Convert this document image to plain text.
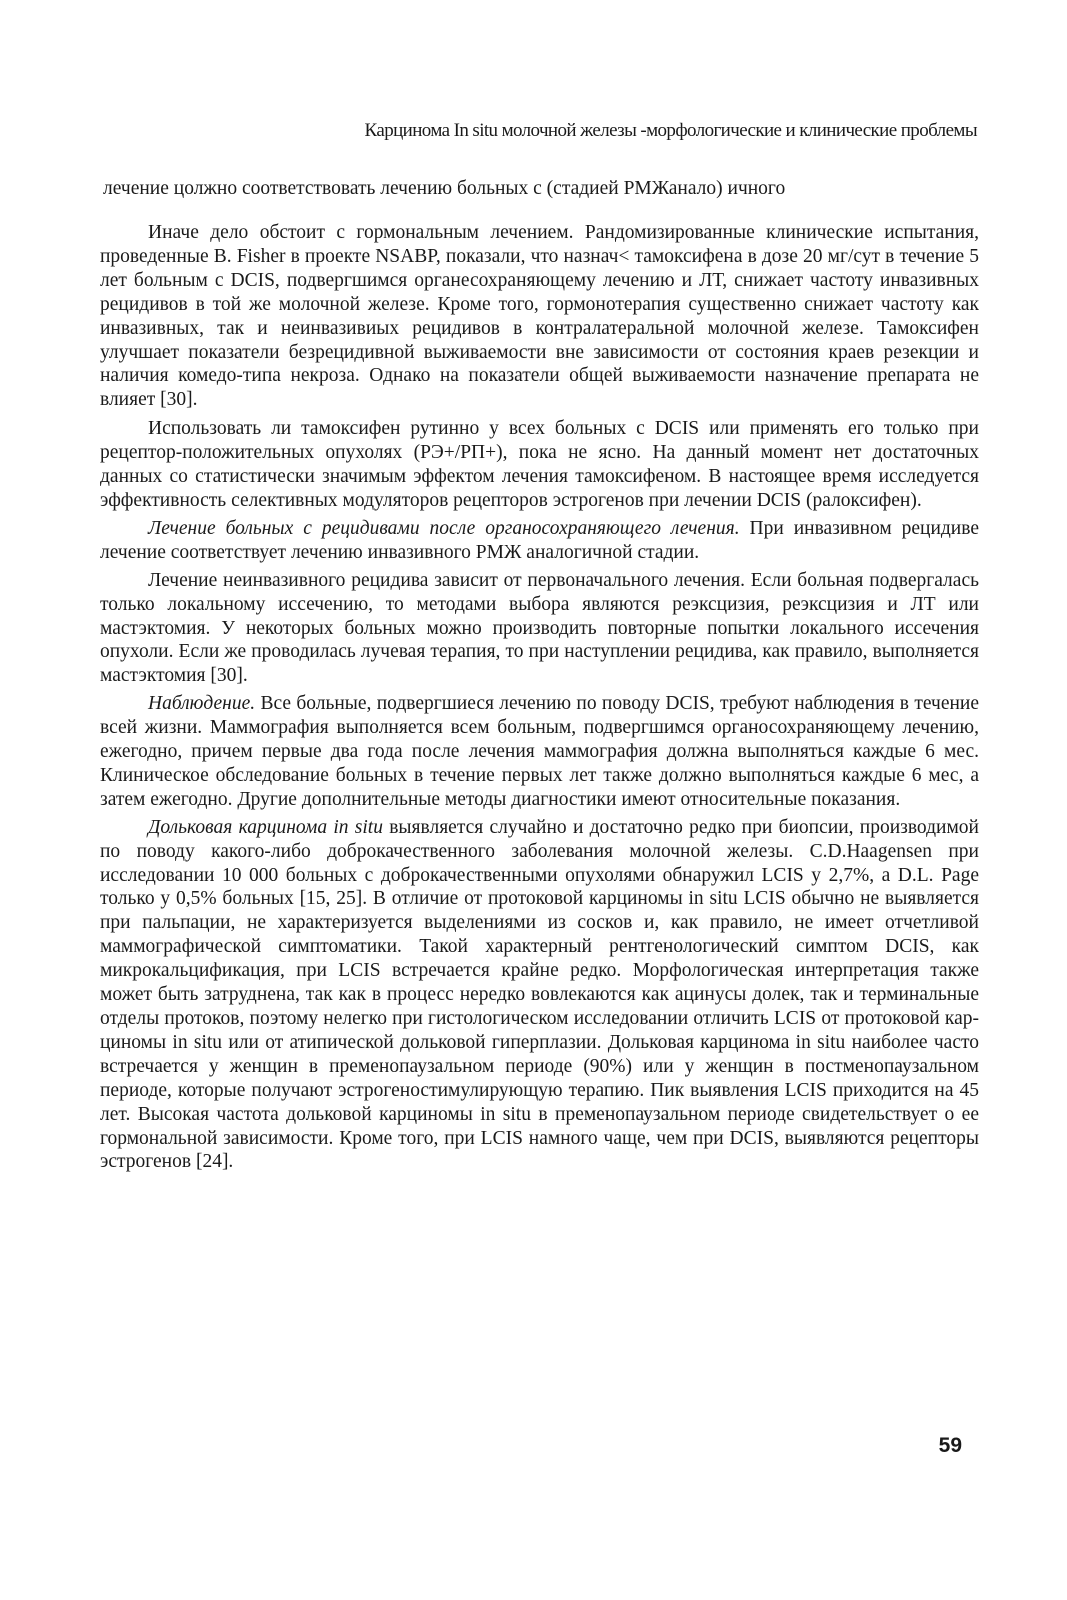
Карцинома In situ молочной железы -морфологические и клинические проблемы
лечение цолжно соответствовать лечению больных с (стадией РМЖанало) ичного

Иначе дело обстоит с гормональным лечением. Рандомизированные клинические испытания, проведенные B. Fisher в проекте NSABP, показали, что назнач< тамоксифена в дозе 20 мг/сут в течение 5 лет больным с DCIS, подвергшимся органесохраняющему лечению и ЛТ, снижает частоту инвазивных рецидивов в той же молочной железе. Кроме того, гормонотерапия существенно снижает частоту как инвазивных, так и неинвазивиых рецидивов в контралатеральной молочной железе. Тамоксифен улучшает показатели безрецидивной выживаемости вне зависимости от состояния краев резекции и наличия комедо-типа некроза. Однако на показатели общей выживаемости назначение препарата не влияет [30].

Использовать ли тамоксифен рутинно у всех больных с DCIS или применять его только при рецептор-положительных опухолях (РЭ+/РП+), пока не ясно. На данный момент нет достаточных данных со статистически значимым эффектом лечения тамоксифеном. В настоящее время исследуется эффективность селективных модуляторов рецепторов эстрогенов при лечении DCIS (ралоксифен).

Лечение больных с рецидивами после органосохраняющего лечения. При инвазивном рецидиве лечение соответствует лечению инвазивного РМЖ аналогичной стадии.

Лечение неинвазивного рецидива зависит от первоначального лечения. Если больная подвергалась только локальному иссечению, то методами выбора являются реэксцизия, реэксцизия и ЛТ или мастэктомия. У некоторых больных можно производить повторные попытки локального иссечения опухоли. Если же проводилась лучевая терапия, то при наступлении рецидива, как правило, выполняется мастэктомия [30].

Наблюдение. Все больные, подвергшиеся лечению по поводу DCIS, требуют наблюдения в течение всей жизни. Маммография выполняется всем больным, подвергшимся органосохраняющему лечению, ежегодно, причем первые два года после лечения маммография должна выполняться каждые 6 мес. Клиническое обследование больных в течение первых лет также должно выполняться каждые 6 мес, а затем ежегодно. Другие дополнительные методы диагностики имеют относительные показания.

Дольковая карцинома in situ выявляется случайно и достаточно редко при биопсии, производимой по поводу какого-либо доброкачественного заболевания молочной железы. C.D.Haagensen при исследовании 10 000 больных с доброкачественными опухолями обнаружил LCIS у 2,7%, а D.L. Page только у 0,5% больных [15, 25]. В отличие от протоковой карциномы in situ LCIS обычно не выявляется при пальпации, не характеризуется выделениями из сосков и, как правило, не имеет отчетливой маммографической симптоматики. Такой характерный рентгенологический симптом DCIS, как микрокальцификация, при LCIS встречается крайне редко. Морфологическая интерпретация также может быть затруднена, так как в процесс нередко вовлекаются как ацинусы долек, так и терминальные отделы протоков, поэтому нелегко при гистологическом исследовании отличить LCIS от протоковой карциномы in situ или от атипической дольковой гиперплазии. Дольковая карцинома in situ наиболее часто встречается у женщин в пременопаузальном периоде (90%) или у женщин в постменопаузальном периоде, которые получают эстрогеностимулирующую терапию. Пик выявления LCIS приходится на 45 лет. Высокая частота дольковой карциномы in situ в пременопаузальном периоде свидетельствует о ее гормональной зависимости. Кроме того, при LCIS намного чаще, чем при DCIS, выявляются рецепторы эстрогенов [24].

59
